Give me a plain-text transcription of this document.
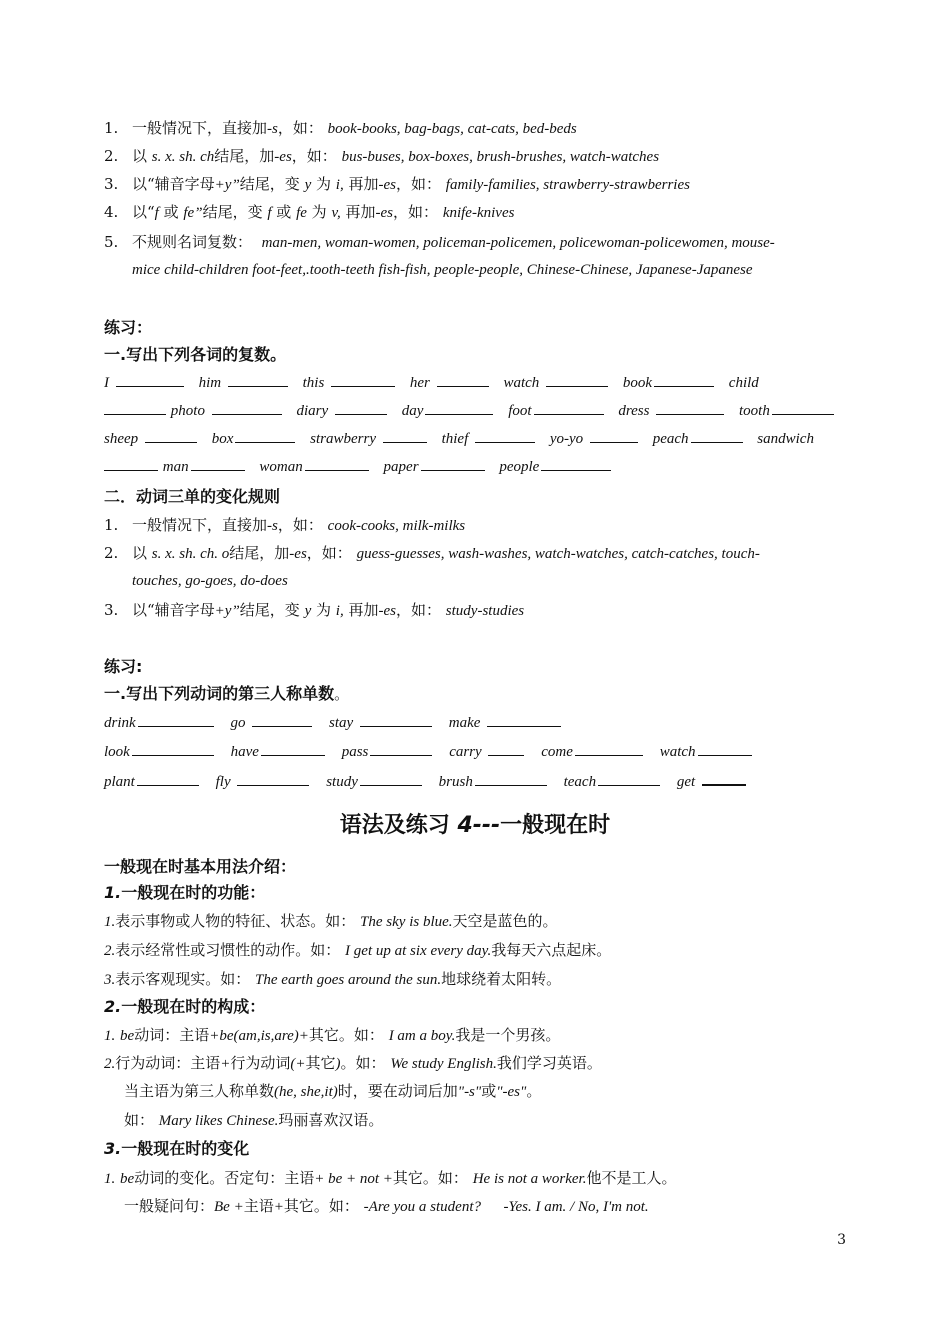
1. 一般情况下，直接加-s，如： book-books, bag-bags, cat-cats, bed-beds
2. 以 s. x. sh. ch结尾，加-es，如： bus-buses, box-boxes, brush-brushes, watch-watches
3. 以“辅音字母+y”结尾，变 y 为 i, 再加-es，如： family-families, strawberry-strawberries
4. 以“f 或 fe”结尾，变 f 或 fe 为 v, 再加-es，如： knife-knives
5. 不规则名词复数： man-men, woman-women, policeman-policemen, policewoman-policewomen, mouse-
mice child-children foot-feet,.tooth-teeth fish-fish, people-people, Chinese-Chinese, Japanese-Japanese
练习：
一.写出下列各词的复数。
I	him	this	her	watch	book	child
photo	diary	day	foot	dress	tooth
sheep	box	strawberry	thief	yo-yo	peach	sandwich
man	woman	paper	people
二．动词三单的变化规则
1. 一般情况下，直接加-s，如： cook-cooks, milk-milks
2. 以 s. x. sh. ch. o结尾，加-es，如： guess-guesses, wash-washes, watch-watches, catch-catches, touch-
touches, go-goes, do-does
3. 以“辅音字母+y”结尾，变 y 为 i, 再加-es，如： study-studies
练习:
一.写出下列动词的第三人称单数。
drink	go	stay	make
look	have	pass	carry	come	watch
plant	fly	study	brush	teach	get
语法及练习 4---一般现在时
一般现在时基本用法介绍：
1.一般现在时的功能：
1.表示事物或人物的特征、状态。如： The sky is blue.天空是蓝色的。
2.表示经常性或习惯性的动作。如： I get up at six every day.我每天六点起床。
3.表示客观现实。如： The earth goes around the sun.地球绕着太阳转。
2.一般现在时的构成：
1. be动词：主语+be(am,is,are)+其它。如： I am a boy.我是一个男孩。
2.行为动词：主语+行为动词(+其它)。如： We study English.我们学习英语。
当主语为第三人称单数(he, she,it)时，要在动词后加"-s"或"-es"。
如： Mary likes Chinese.玛丽喜欢汉语。
3.一般现在时的变化
1. be动词的变化。否定句：主语+ be + not +其它。如： He is not a worker.他不是工人。
一般疑问句：Be +主语+其它。如： -Are you a student?      -Yes. I am. / No, I'm not.
3
